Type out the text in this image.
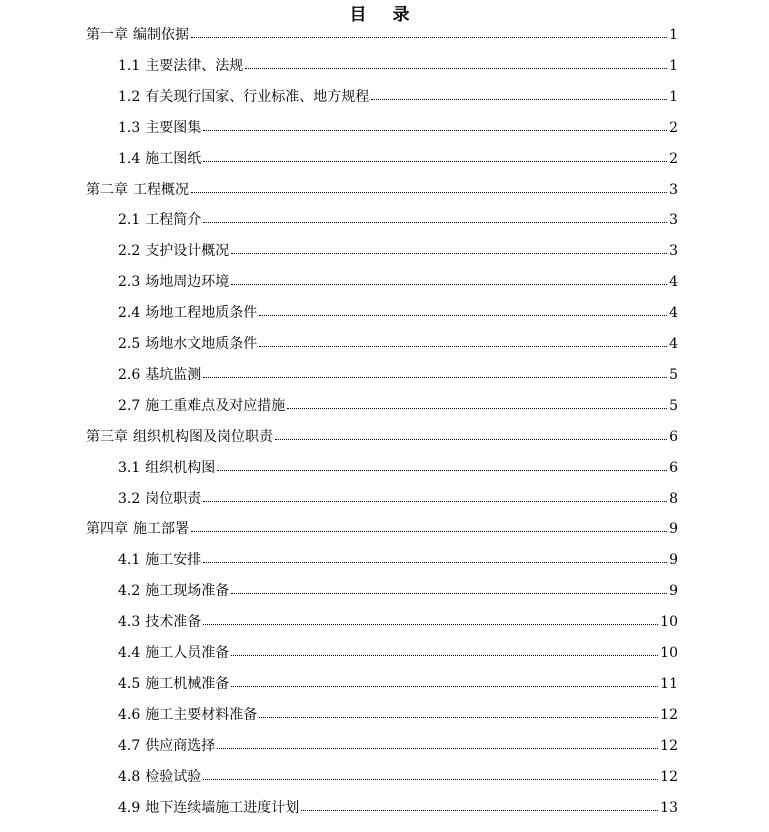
目 录
第一章 编制依据	1
1.1 主要法律、法规	1
1.2 有关现行国家、行业标准、地方规程	1
1.3 主要图集	2
1.4 施工图纸	2
第二章 工程概况	3
2.1 工程简介	3
2.2 支护设计概况	3
2.3 场地周边环境	4
2.4 场地工程地质条件	4
2.5 场地水文地质条件	4
2.6 基坑监测	5
2.7 施工重难点及对应措施	5
第三章 组织机构图及岗位职责	6
3.1 组织机构图	6
3.2 岗位职责	8
第四章 施工部署	9
4.1 施工安排	9
4.2 施工现场准备	9
4.3 技术准备	10
4.4 施工人员准备	10
4.5 施工机械准备	11
4.6 施工主要材料准备	12
4.7 供应商选择	12
4.8 检验试验	12
4.9 地下连续墙施工进度计划	13
